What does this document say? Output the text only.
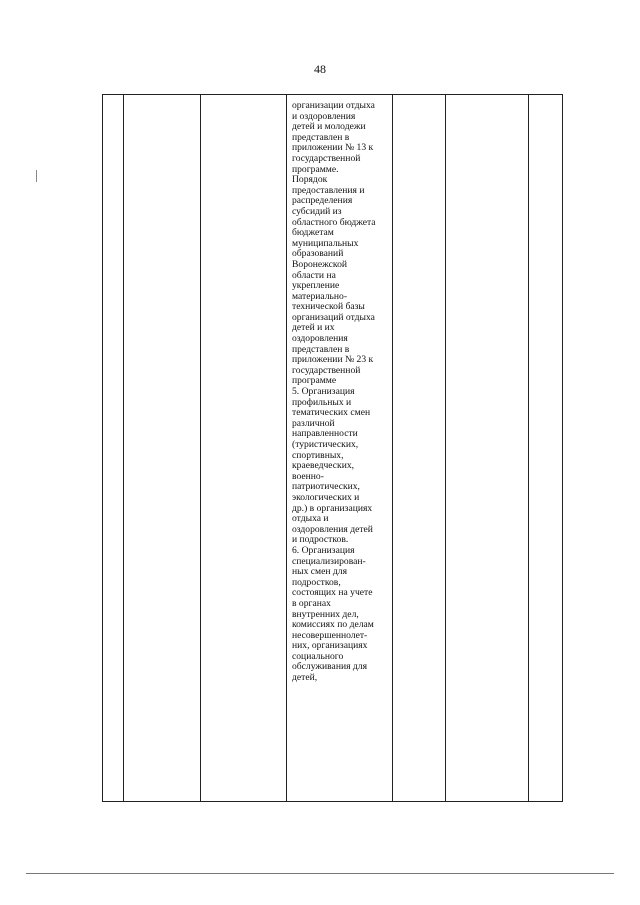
48
организации отдыха
и оздоровления
детей и молодежи
представлен в
приложении № 13 к
государственной
программе.
Порядок
предоставления и
распределения
субсидий из
областного бюджета
бюджетам
муниципальных
образований
Воронежской
области на
укрепление
материально-
технической базы
организаций отдыха
детей и их
оздоровления
представлен в
приложении № 23 к
государственной
программе
5. Организация
профильных и
тематических смен
различной
направленности
(туристических,
спортивных,
краеведческих,
военно-
патриотических,
экологических и
др.) в организациях
отдыха и
оздоровления детей
и подростков.
6. Организация
специализирован-
ных смен для
подростков,
состоящих на учете
в органах
внутренних дел,
комиссиях по делам
несовершеннолет-
них, организациях
социального
обслуживания для
детей,
